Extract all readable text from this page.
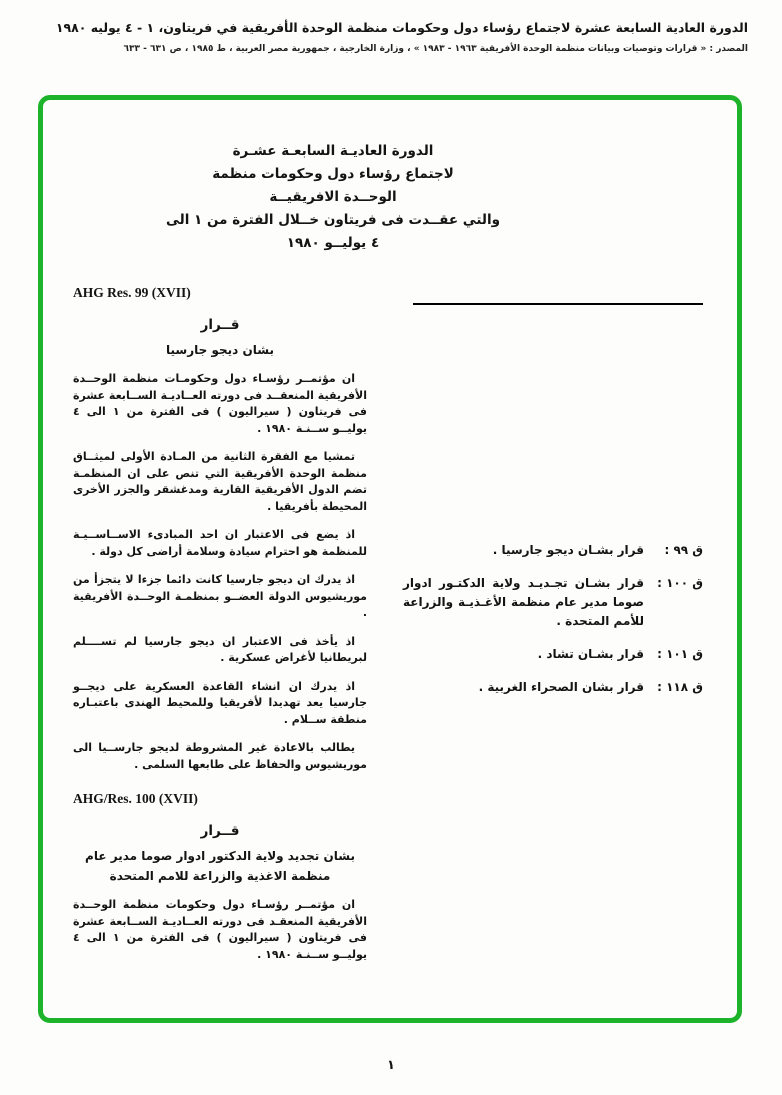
الدورة العادية السابعة عشرة لاجتماع رؤساء دول وحكومات منظمة الوحدة الأفريقية في فريتاون، ١ - ٤ يوليه ١٩٨٠
المصدر : « قرارات وتوصيات وبيانات منظمة الوحدة الأفريقية ١٩٦٣ - ١٩٨٣ » ، وزارة الخارجية ، جمهورية مصر العربية ، ط ١٩٨٥ ، ص ٦٣١ - ٦٣٣
الدورة العاديـة السابعـة عشـرة
لاجتماع رؤساء دول وحكومات منظمة
الوحــدة الافريقيــة
والتي عقــدت فى فريتاون خــلال الفترة من ١ الى
٤ يوليــو ١٩٨٠
ق ٩٩ :
قرار بشـان ديجو جارسيا .
ق ١٠٠ :
قرار بشـان تجـديـد ولاية الدكتـور ادوار صوما مدير عام منظمة الأغـذيـة والزراعة للأمم المتحدة .
ق ١٠١ :
قرار بشـان تشاد .
ق ١١٨ :
قرار بشان الصحراء الغربية .
AHG Res. 99 (XVII)
قــرار
بشان ديجو جارسيا

ان مؤتمــر رؤسـاء دول وحكومـات منظمة الوحــدة الأفريقية المنعقــد فى دورته العــاديـة الســابعة عشرة فى فريتاون ( سيراليون ) فى الفترة من ١ الى ٤ يوليــو ســنـة ١٩٨٠ .

تمشيا مع الفقرة الثانية من المـادة الأولى لميثــاق منظمة الوحدة الأفريقية التي تنص على ان المنظمـة تضم الدول الأفريقية القارية ومدغشقر والجزر الأخرى المحيطة بأفريقيا .

اذ يضع فى الاعتبار ان احد المبادىء الاســاســيـة للمنظمة هو احترام سيادة وسلامة أراضى كل دولة .

اذ يدرك ان ديجو جارسيا كانت دائما جزءا لا يتجزأ من موريشيوس الدولة العضــو بمنظمـة الوحــدة الأفريقية .

اذ يأخذ فى الاعتبار ان ديجو جارسيا لم تســــلم لبريطانيا لأغراض عسكرية .

اذ يدرك ان انشاء القاعدة العسكرية على ديجــو جارسيا يعد تهديدا لأفريقيا وللمحيط الهندى باعتبـاره منطقة ســلام .

يطالب بالاعادة غير المشروطة لديجو جارســيا الى موريشيوس والحفاظ على طابعها السلمى .

AHG/Res. 100 (XVII)
قــرار
بشان تجديد ولاية الدكتور ادوار صوما مدير عام
منظمة الاغذية والزراعة للامم المتحدة

ان مؤتمــر رؤسـاء دول وحكومات منظمة الوحــدة الأفريقية المنعقـد فى دورته العــاديـة الســابعة عشرة فى فريتاون ( سيراليون ) فى الفترة من ١ الى ٤ يوليــو ســنـة ١٩٨٠ .

١
